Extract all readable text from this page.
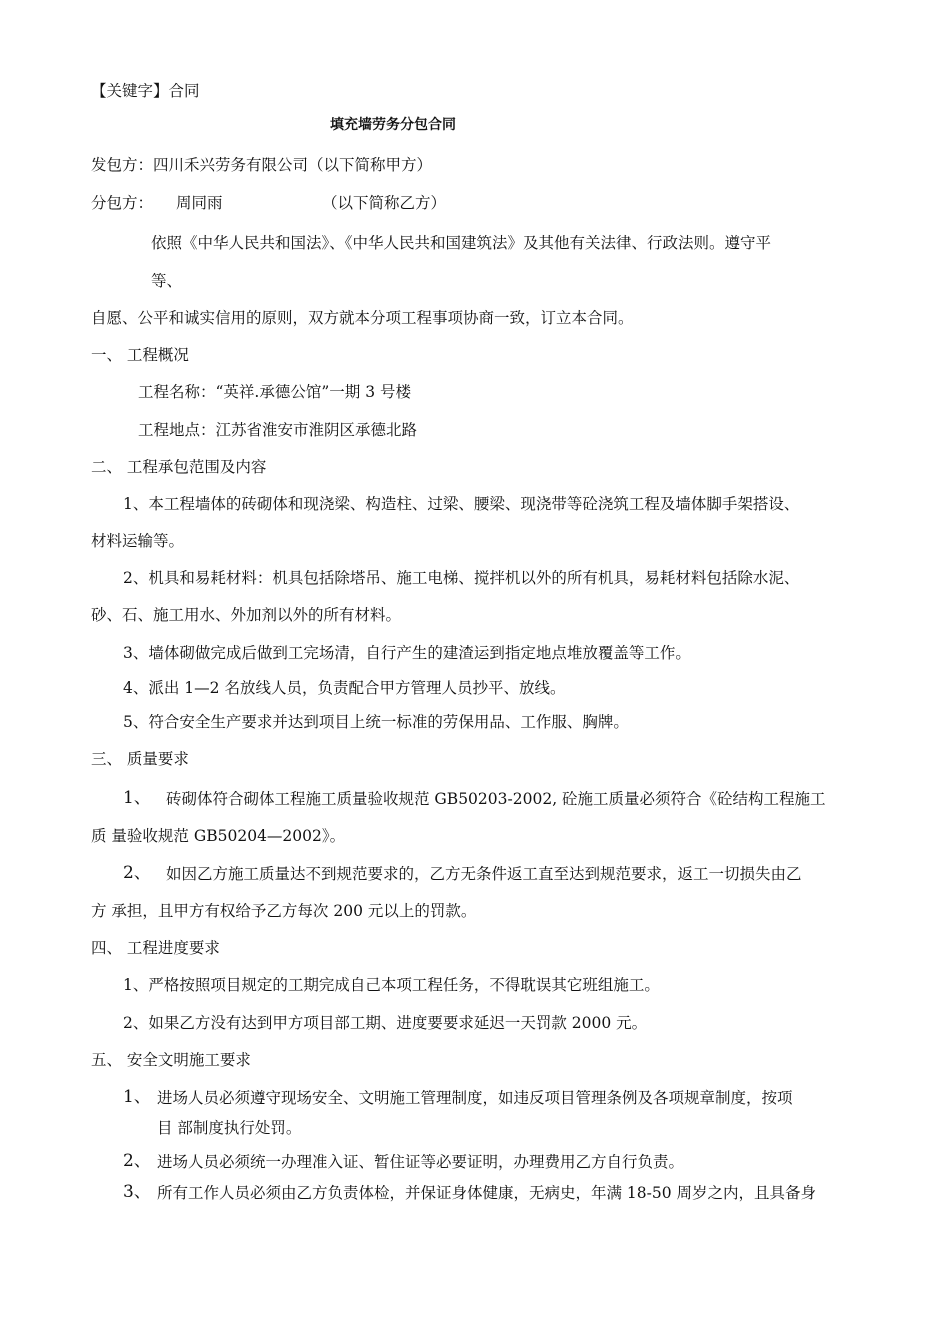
【关键字】合同
填充墙劳务分包合同
发包方：四川禾兴劳务有限公司（以下简称甲方）
分包方： 周同雨	（以下简称乙方）
依照《中华人民共和国法》、《中华人民共和国建筑法》及其他有关法律、行政法则。遵守平
等、
自愿、公平和诚实信用的原则，双方就本分项工程事项协商一致，订立本合同。
一、 工程概况
工程名称：“英祥.承德公馆”一期 3 号楼
工程地点：江苏省淮安市淮阴区承德北路
二、 工程承包范围及内容
1、本工程墙体的砖砌体和现浇梁、构造柱、过梁、腰梁、现浇带等砼浇筑工程及墙体脚手架搭设、
材料运输等。
2、机具和易耗材料：机具包括除塔吊、施工电梯、搅拌机以外的所有机具，易耗材料包括除水泥、
砂、石、施工用水、外加剂以外的所有材料。
3、墙体砌做完成后做到工完场清，自行产生的建渣运到指定地点堆放覆盖等工作。
4、派出 1—2 名放线人员，负责配合甲方管理人员抄平、放线。
5、符合安全生产要求并达到项目上统一标准的劳保用品、工作服、胸牌。
三、 质量要求
1、 砖砌体符合砌体工程施工质量验收规范 GB50203-2002, 砼施工质量必须符合《砼结构工程施工
质 量验收规范 GB50204—2002》。
2、 如因乙方施工质量达不到规范要求的，乙方无条件返工直至达到规范要求，返工一切损失由乙
方 承担，且甲方有权给予乙方每次 200 元以上的罚款。
四、 工程进度要求
1、严格按照项目规定的工期完成自己本项工程任务，不得耽误其它班组施工。
2、如果乙方没有达到甲方项目部工期、进度要要求延迟一天罚款 2000 元。
五、 安全文明施工要求
1、 进场人员必须遵守现场安全、文明施工管理制度，如违反项目管理条例及各项规章制度，按项
目 部制度执行处罚。
2、 进场人员必须统一办理准入证、暂住证等必要证明，办理费用乙方自行负责。
3、 所有工作人员必须由乙方负责体检，并保证身体健康，无病史，年满 18-50 周岁之内，且具备身
